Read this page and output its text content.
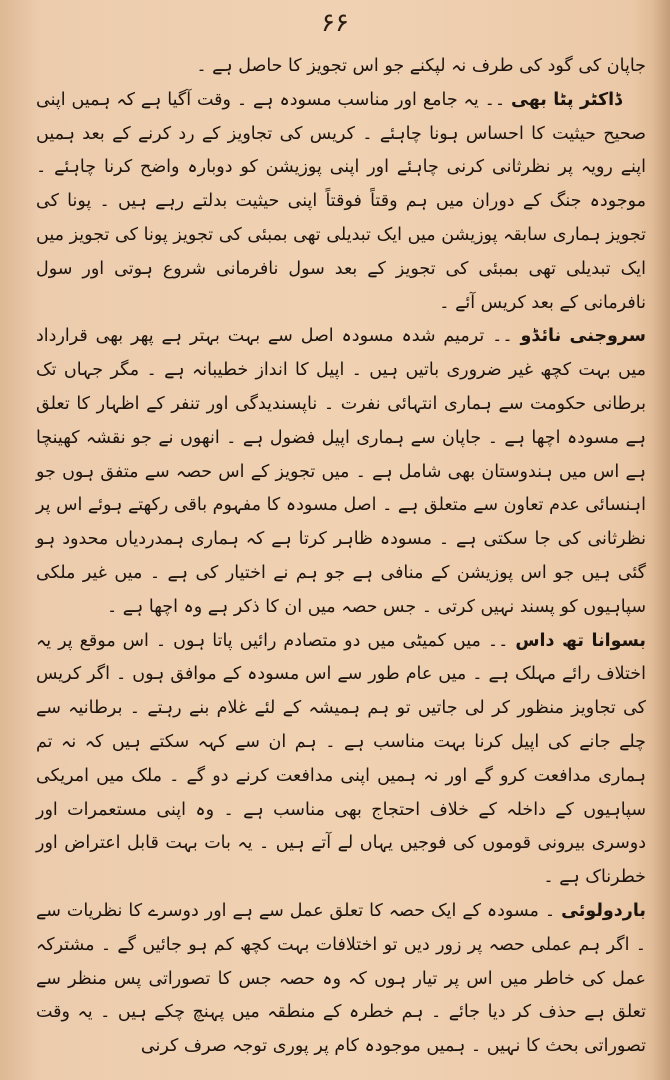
۶۶

جاپان کی گود کی طرف نہ لپکنے جو اس تجویز کا حاصل ہے ۔

ڈاکٹر پٹا بھی ۔۔ یہ جامع اور مناسب مسودہ ہے ۔ وقت آگیا ہے کہ ہمیں اپنی صحیح حیثیت کا احساس ہونا چاہئے ۔ کریس کی تجاویز کے رد کرنے کے بعد ہمیں اپنے رویہ پر نظرثانی کرنی چاہئے اور اپنی پوزیشن کو دوبارہ واضح کرنا چاہئے ۔ موجودہ جنگ کے دوران میں ہم وقتاً فوقتاً اپنی حیثیت بدلتے رہے ہیں ۔ پونا کی تجویز ہماری سابقہ پوزیشن میں ایک تبدیلی تھی بمبئی کی تجویز پونا کی تجویز میں ایک تبدیلی تھی بمبئی کی تجویز کے بعد سول نافرمانی شروع ہوتی اور سول نافرمانی کے بعد کریس آئے ۔

سروجنی نائڈو ۔۔ ترمیم شدہ مسودہ اصل سے بہت بہتر ہے پھر بھی قرارداد میں بہت کچھ غیر ضروری باتیں ہیں ۔ اپیل کا انداز خطیبانہ ہے ۔ مگر جہاں تک برطانی حکومت سے ہماری انتہائی نفرت ۔ ناپسندیدگی اور تنفر کے اظہار کا تعلق ہے مسودہ اچھا ہے ۔ جاپان سے ہماری اپیل فضول ہے ۔ انھوں نے جو نقشہ کھینچا ہے اس میں ہندوستان بھی شامل ہے ۔ میں تجویز کے اس حصہ سے متفق ہوں جو اہنسائی عدم تعاون سے متعلق ہے ۔ اصل مسودہ کا مفہوم باقی رکھتے ہوئے اس پر نظرثانی کی جا سکتی ہے ۔ مسودہ ظاہر کرتا ہے کہ ہماری ہمدردیاں محدود ہو گئی ہیں جو اس پوزیشن کے منافی ہے جو ہم نے اختیار کی ہے ۔ میں غیر ملکی سپاہیوں کو پسند نہیں کرتی ۔ جس حصہ میں ان کا ذکر ہے وہ اچھا ہے ۔

بسوانا تھ داس ۔۔ میں کمیٹی میں دو متصادم رائیں پاتا ہوں ۔ اس موقع پر یہ اختلاف رائے مہلک ہے ۔ میں عام طور سے اس مسودہ کے موافق ہوں ۔ اگر کریس کی تجاویز منظور کر لی جاتیں تو ہم ہمیشہ کے لئے غلام بنے رہتے ۔ برطانیہ سے چلے جانے کی اپیل کرنا بہت مناسب ہے ۔ ہم ان سے کہہ سکتے ہیں کہ نہ تم ہماری مدافعت کرو گے اور نہ ہمیں اپنی مدافعت کرنے دو گے ۔ ملک میں امریکی سپاہیوں کے داخلہ کے خلاف احتجاج بھی مناسب ہے ۔ وہ اپنی مستعمرات اور دوسری بیرونی قوموں کی فوجیں یہاں لے آتے ہیں ۔ یہ بات بہت قابل اعتراض اور خطرناک ہے ۔

باردولوئی ۔ مسودہ کے ایک حصہ کا تعلق عمل سے ہے اور دوسرے کا نظریات سے ۔ اگر ہم عملی حصہ پر زور دیں تو اختلافات بہت کچھ کم ہو جائیں گے ۔ مشترکہ عمل کی خاطر میں اس پر تیار ہوں کہ وہ حصہ جس کا تصوراتی پس منظر سے تعلق ہے حذف کر دیا جائے ۔ ہم خطرہ کے منطقہ میں پہنچ چکے ہیں ۔ یہ وقت تصوراتی بحث کا نہیں ۔ ہمیں موجودہ کام پر پوری توجہ صرف کرنی
